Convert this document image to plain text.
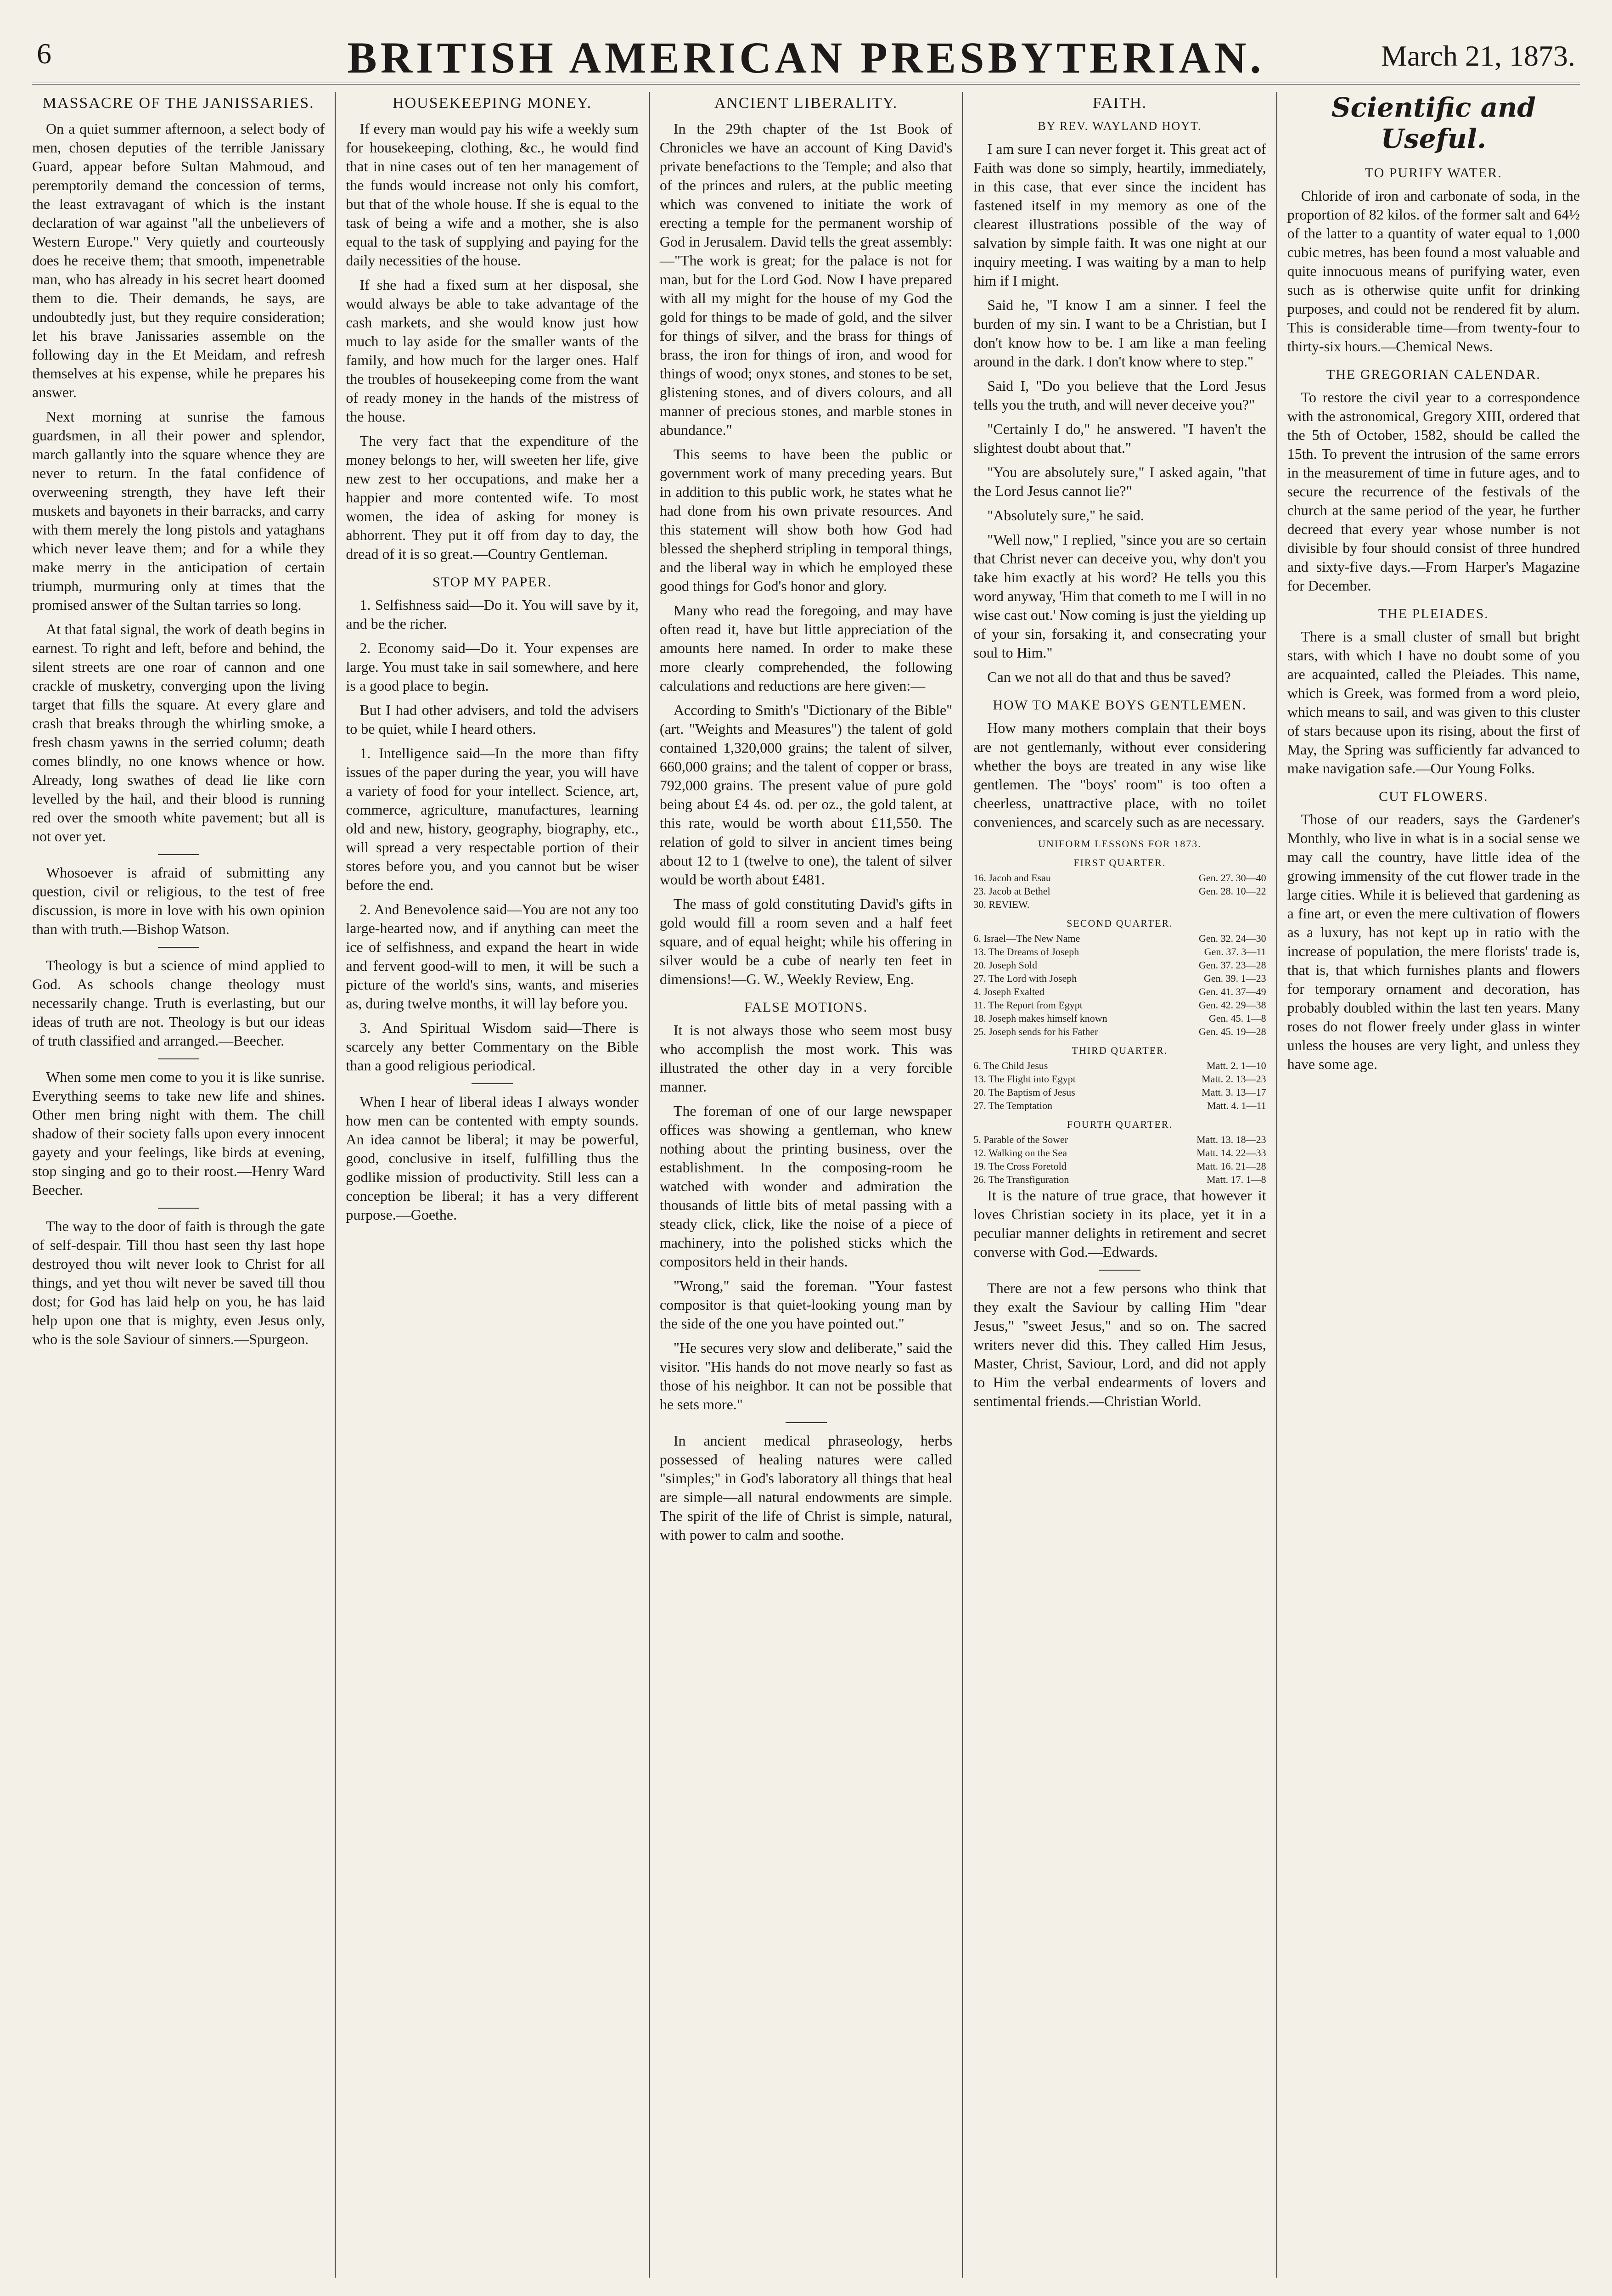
6	BRITISH AMERICAN PRESBYTERIAN.	March 21, 1873.
MASSACRE OF THE JANISSARIES.

On a quiet summer afternoon, a select body of men, chosen deputies of the terrible Janissary Guard, appear before Sultan Mahmoud, and peremptorily demand the concession of terms, the least extravagant of which is the instant declaration of war against "all the unbelievers of Western Europe." Very quietly and courteously does he receive them; that smooth, impenetrable man, who has already in his secret heart doomed them to die. Their demands, he says, are undoubtedly just, but they require consideration; let his brave Janissaries assemble on the following day in the Et Meidam, and refresh themselves at his expense, while he prepares his answer.

Next morning at sunrise the famous guardsmen, in all their power and splendor, march gallantly into the square whence they are never to return. In the fatal confidence of overweening strength, they have left their muskets and bayonets in their barracks, and carry with them merely the long pistols and yataghans which never leave them; and for a while they make merry in the anticipation of certain triumph, murmuring only at times that the promised answer of the Sultan tarries so long.

At that fatal signal, the work of death begins in earnest. To right and left, before and behind, the silent streets are one roar of cannon and one crackle of musketry, converging upon the living target that fills the square. At every glare and crash that breaks through the whirling smoke, a fresh chasm yawns in the serried column; death comes blindly, no one knows whence or how. Already, long swathes of dead lie like corn levelled by the hail, and their blood is running red over the smooth white pavement; but all is not over yet.

Whosoever is afraid of submitting any question, civil or religious, to the test of free discussion, is more in love with his own opinion than with truth.—Bishop Watson.

Theology is but a science of mind applied to God. As schools change theology must necessarily change. Truth is everlasting, but our ideas of truth are not. Theology is but our ideas of truth classified and arranged.—Beecher.

When some men come to you it is like sunrise. Everything seems to take new life and shines. Other men bring night with them. The chill shadow of their society falls upon every innocent gayety and your feelings, like birds at evening, stop singing and go to their roost.—Henry Ward Beecher.

The way to the door of faith is through the gate of self-despair. Till thou hast seen thy last hope destroyed thou wilt never look to Christ for all things, and yet thou wilt never be saved till thou dost; for God has laid help on you, he has laid help upon one that is mighty, even Jesus only, who is the sole Saviour of sinners.—Spurgeon.

HOUSEKEEPING MONEY.

If every man would pay his wife a weekly sum for housekeeping, clothing, &c., he would find that in nine cases out of ten her management of the funds would increase not only his comfort, but that of the whole house. If she is equal to the task of being a wife and a mother, she is also equal to the task of supplying and paying for the daily necessities of the house.

If she had a fixed sum at her disposal, she would always be able to take advantage of the cash markets, and she would know just how much to lay aside for the smaller wants of the family, and how much for the larger ones. Half the troubles of housekeeping come from the want of ready money in the hands of the mistress of the house.

The very fact that the expenditure of the money belongs to her, will sweeten her life, give new zest to her occupations, and make her a happier and more contented wife. To most women, the idea of asking for money is abhorrent. They put it off from day to day, the dread of it is so great.—Country Gentleman.

STOP MY PAPER.

1. Selfishness said—Do it. You will save by it, and be the richer.

2. Economy said—Do it. Your expenses are large. You must take in sail somewhere, and here is a good place to begin.

But I had other advisers, and told the advisers to be quiet, while I heard others.

1. Intelligence said—In the more than fifty issues of the paper during the year, you will have a variety of food for your intellect. Science, art, commerce, agriculture, manufactures, learning old and new, history, geography, biography, etc., will spread a very respectable portion of their stores before you, and you cannot but be wiser before the end.

2. And Benevolence said—You are not any too large-hearted now, and if anything can meet the ice of selfishness, and expand the heart in wide and fervent good-will to men, it will be such a picture of the world's sins, wants, and miseries as, during twelve months, it will lay before you.

3. And Spiritual Wisdom said—There is scarcely any better Commentary on the Bible than a good religious periodical.

When I hear of liberal ideas I always wonder how men can be contented with empty sounds. An idea cannot be liberal; it may be powerful, good, conclusive in itself, fulfilling thus the godlike mission of productivity. Still less can a conception be liberal; it has a very different purpose.—Goethe.

ANCIENT LIBERALITY.

In the 29th chapter of the 1st Book of Chronicles we have an account of King David's private benefactions to the Temple; and also that of the princes and rulers, at the public meeting which was convened to initiate the work of erecting a temple for the permanent worship of God in Jerusalem. David tells the great assembly:—"The work is great; for the palace is not for man, but for the Lord God. Now I have prepared with all my might for the house of my God the gold for things to be made of gold, and the silver for things of silver, and the brass for things of brass, the iron for things of iron, and wood for things of wood; onyx stones, and stones to be set, glistening stones, and of divers colours, and all manner of precious stones, and marble stones in abundance."

This seems to have been the public or government work of many preceding years. But in addition to this public work, he states what he had done from his own private resources. And this statement will show both how God had blessed the shepherd stripling in temporal things, and the liberal way in which he employed these good things for God's honor and glory.

Many who read the foregoing, and may have often read it, have but little appreciation of the amounts here named. In order to make these more clearly comprehended, the following calculations and reductions are here given:—

According to Smith's "Dictionary of the Bible" (art. "Weights and Measures") the talent of gold contained 1,320,000 grains; the talent of silver, 660,000 grains; and the talent of copper or brass, 792,000 grains. The present value of pure gold being about £4 4s. od. per oz., the gold talent, at this rate, would be worth about £11,550. The relation of gold to silver in ancient times being about 12 to 1 (twelve to one), the talent of silver would be worth about £481.

The mass of gold constituting David's gifts in gold would fill a room seven and a half feet square, and of equal height; while his offering in silver would be a cube of nearly ten feet in dimensions!—G. W., Weekly Review, Eng.

FALSE MOTIONS.

It is not always those who seem most busy who accomplish the most work. This was illustrated the other day in a very forcible manner.

The foreman of one of our large newspaper offices was showing a gentleman, who knew nothing about the printing business, over the establishment. In the composing-room he watched with wonder and admiration the thousands of little bits of metal passing with a steady click, click, like the noise of a piece of machinery, into the polished sticks which the compositors held in their hands.

"Wrong," said the foreman. "Your fastest compositor is that quiet-looking young man by the side of the one you have pointed out."

"He secures very slow and deliberate," said the visitor. "His hands do not move nearly so fast as those of his neighbor. It can not be possible that he sets more."

In ancient medical phraseology, herbs possessed of healing natures were called "simples;" in God's laboratory all things that heal are simple—all natural endowments are simple. The spirit of the life of Christ is simple, natural, with power to calm and soothe.

FAITH.
BY REV. WAYLAND HOYT.

I am sure I can never forget it. This great act of Faith was done so simply, heartily, immediately, in this case, that ever since the incident has fastened itself in my memory as one of the clearest illustrations possible of the way of salvation by simple faith. It was one night at our inquiry meeting. I was waiting by a man to help him if I might.

Said he, "I know I am a sinner. I feel the burden of my sin. I want to be a Christian, but I don't know how to be. I am like a man feeling around in the dark. I don't know where to step."

Said I, "Do you believe that the Lord Jesus tells you the truth, and will never deceive you?"

"Certainly I do," he answered. "I haven't the slightest doubt about that."

"You are absolutely sure," I asked again, "that the Lord Jesus cannot lie?"

"Absolutely sure," he said.

"Well now," I replied, "since you are so certain that Christ never can deceive you, why don't you take him exactly at his word? He tells you this word anyway, 'Him that cometh to me I will in no wise cast out.' Now coming is just the yielding up of your sin, forsaking it, and consecrating your soul to Him."

Can we not all do that and thus be saved?

HOW TO MAKE BOYS GENTLEMEN.

How many mothers complain that their boys are not gentlemanly, without ever considering whether the boys are treated in any wise like gentlemen. The "boys' room" is too often a cheerless, unattractive place, with no toilet conveniences, and scarcely such as are necessary.

UNIFORM LESSONS FOR 1873.
FIRST QUARTER.
16. Jacob and Esau	Gen. 27. 30—40
23. Jacob at Bethel	Gen. 28. 10—22
30. REVIEW.
SECOND QUARTER.
6. Israel—The New Name	Gen. 32. 24—30
13. The Dreams of Joseph	Gen. 37. 3—11
20. Joseph Sold	Gen. 37. 23—28
27. The Lord with Joseph	Gen. 39. 1—23
4. Joseph Exalted	Gen. 41. 37—49
11. The Report from Egypt	Gen. 42. 29—38
18. Joseph makes himself known	Gen. 45. 1—8
25. Joseph sends for his Father	Gen. 45. 19—28
THIRD QUARTER.
6. The Child Jesus	Matt. 2. 1—10
13. The Flight into Egypt	Matt. 2. 13—23
20. The Baptism of Jesus	Matt. 3. 13—17
27. The Temptation	Matt. 4. 1—11
FOURTH QUARTER.
5. Parable of the Sower	Matt. 13. 18—23
12. Walking on the Sea	Matt. 14. 22—33
19. The Cross Foretold	Matt. 16. 21—28
26. The Transfiguration	Matt. 17. 1—8

It is the nature of true grace, that however it loves Christian society in its place, yet it in a peculiar manner delights in retirement and secret converse with God.—Edwards.

There are not a few persons who think that they exalt the Saviour by calling Him "dear Jesus," "sweet Jesus," and so on. The sacred writers never did this. They called Him Jesus, Master, Christ, Saviour, Lord, and did not apply to Him the verbal endearments of lovers and sentimental friends.—Christian World.

Scientific and Useful.
TO PURIFY WATER.

Chloride of iron and carbonate of soda, in the proportion of 82 kilos. of the former salt and 64½ of the latter to a quantity of water equal to 1,000 cubic metres, has been found a most valuable and quite innocuous means of purifying water, even such as is otherwise quite unfit for drinking purposes, and could not be rendered fit by alum. This is considerable time—from twenty-four to thirty-six hours.—Chemical News.

THE GREGORIAN CALENDAR.

To restore the civil year to a correspondence with the astronomical, Gregory XIII, ordered that the 5th of October, 1582, should be called the 15th. To prevent the intrusion of the same errors in the measurement of time in future ages, and to secure the recurrence of the festivals of the church at the same period of the year, he further decreed that every year whose number is not divisible by four should consist of three hundred and sixty-five days.—From Harper's Magazine for December.

THE PLEIADES.

There is a small cluster of small but bright stars, with which I have no doubt some of you are acquainted, called the Pleiades. This name, which is Greek, was formed from a word pleio, which means to sail, and was given to this cluster of stars because upon its rising, about the first of May, the Spring was sufficiently far advanced to make navigation safe.—Our Young Folks.

CUT FLOWERS.

Those of our readers, says the Gardener's Monthly, who live in what is in a social sense we may call the country, have little idea of the growing immensity of the cut flower trade in the large cities. While it is believed that gardening as a fine art, or even the mere cultivation of flowers as a luxury, has not kept up in ratio with the increase of population, the mere florists' trade is, that is, that which furnishes plants and flowers for temporary ornament and decoration, has probably doubled within the last ten years. Many roses do not flower freely under glass in winter unless the houses are very light, and unless they have some age.
